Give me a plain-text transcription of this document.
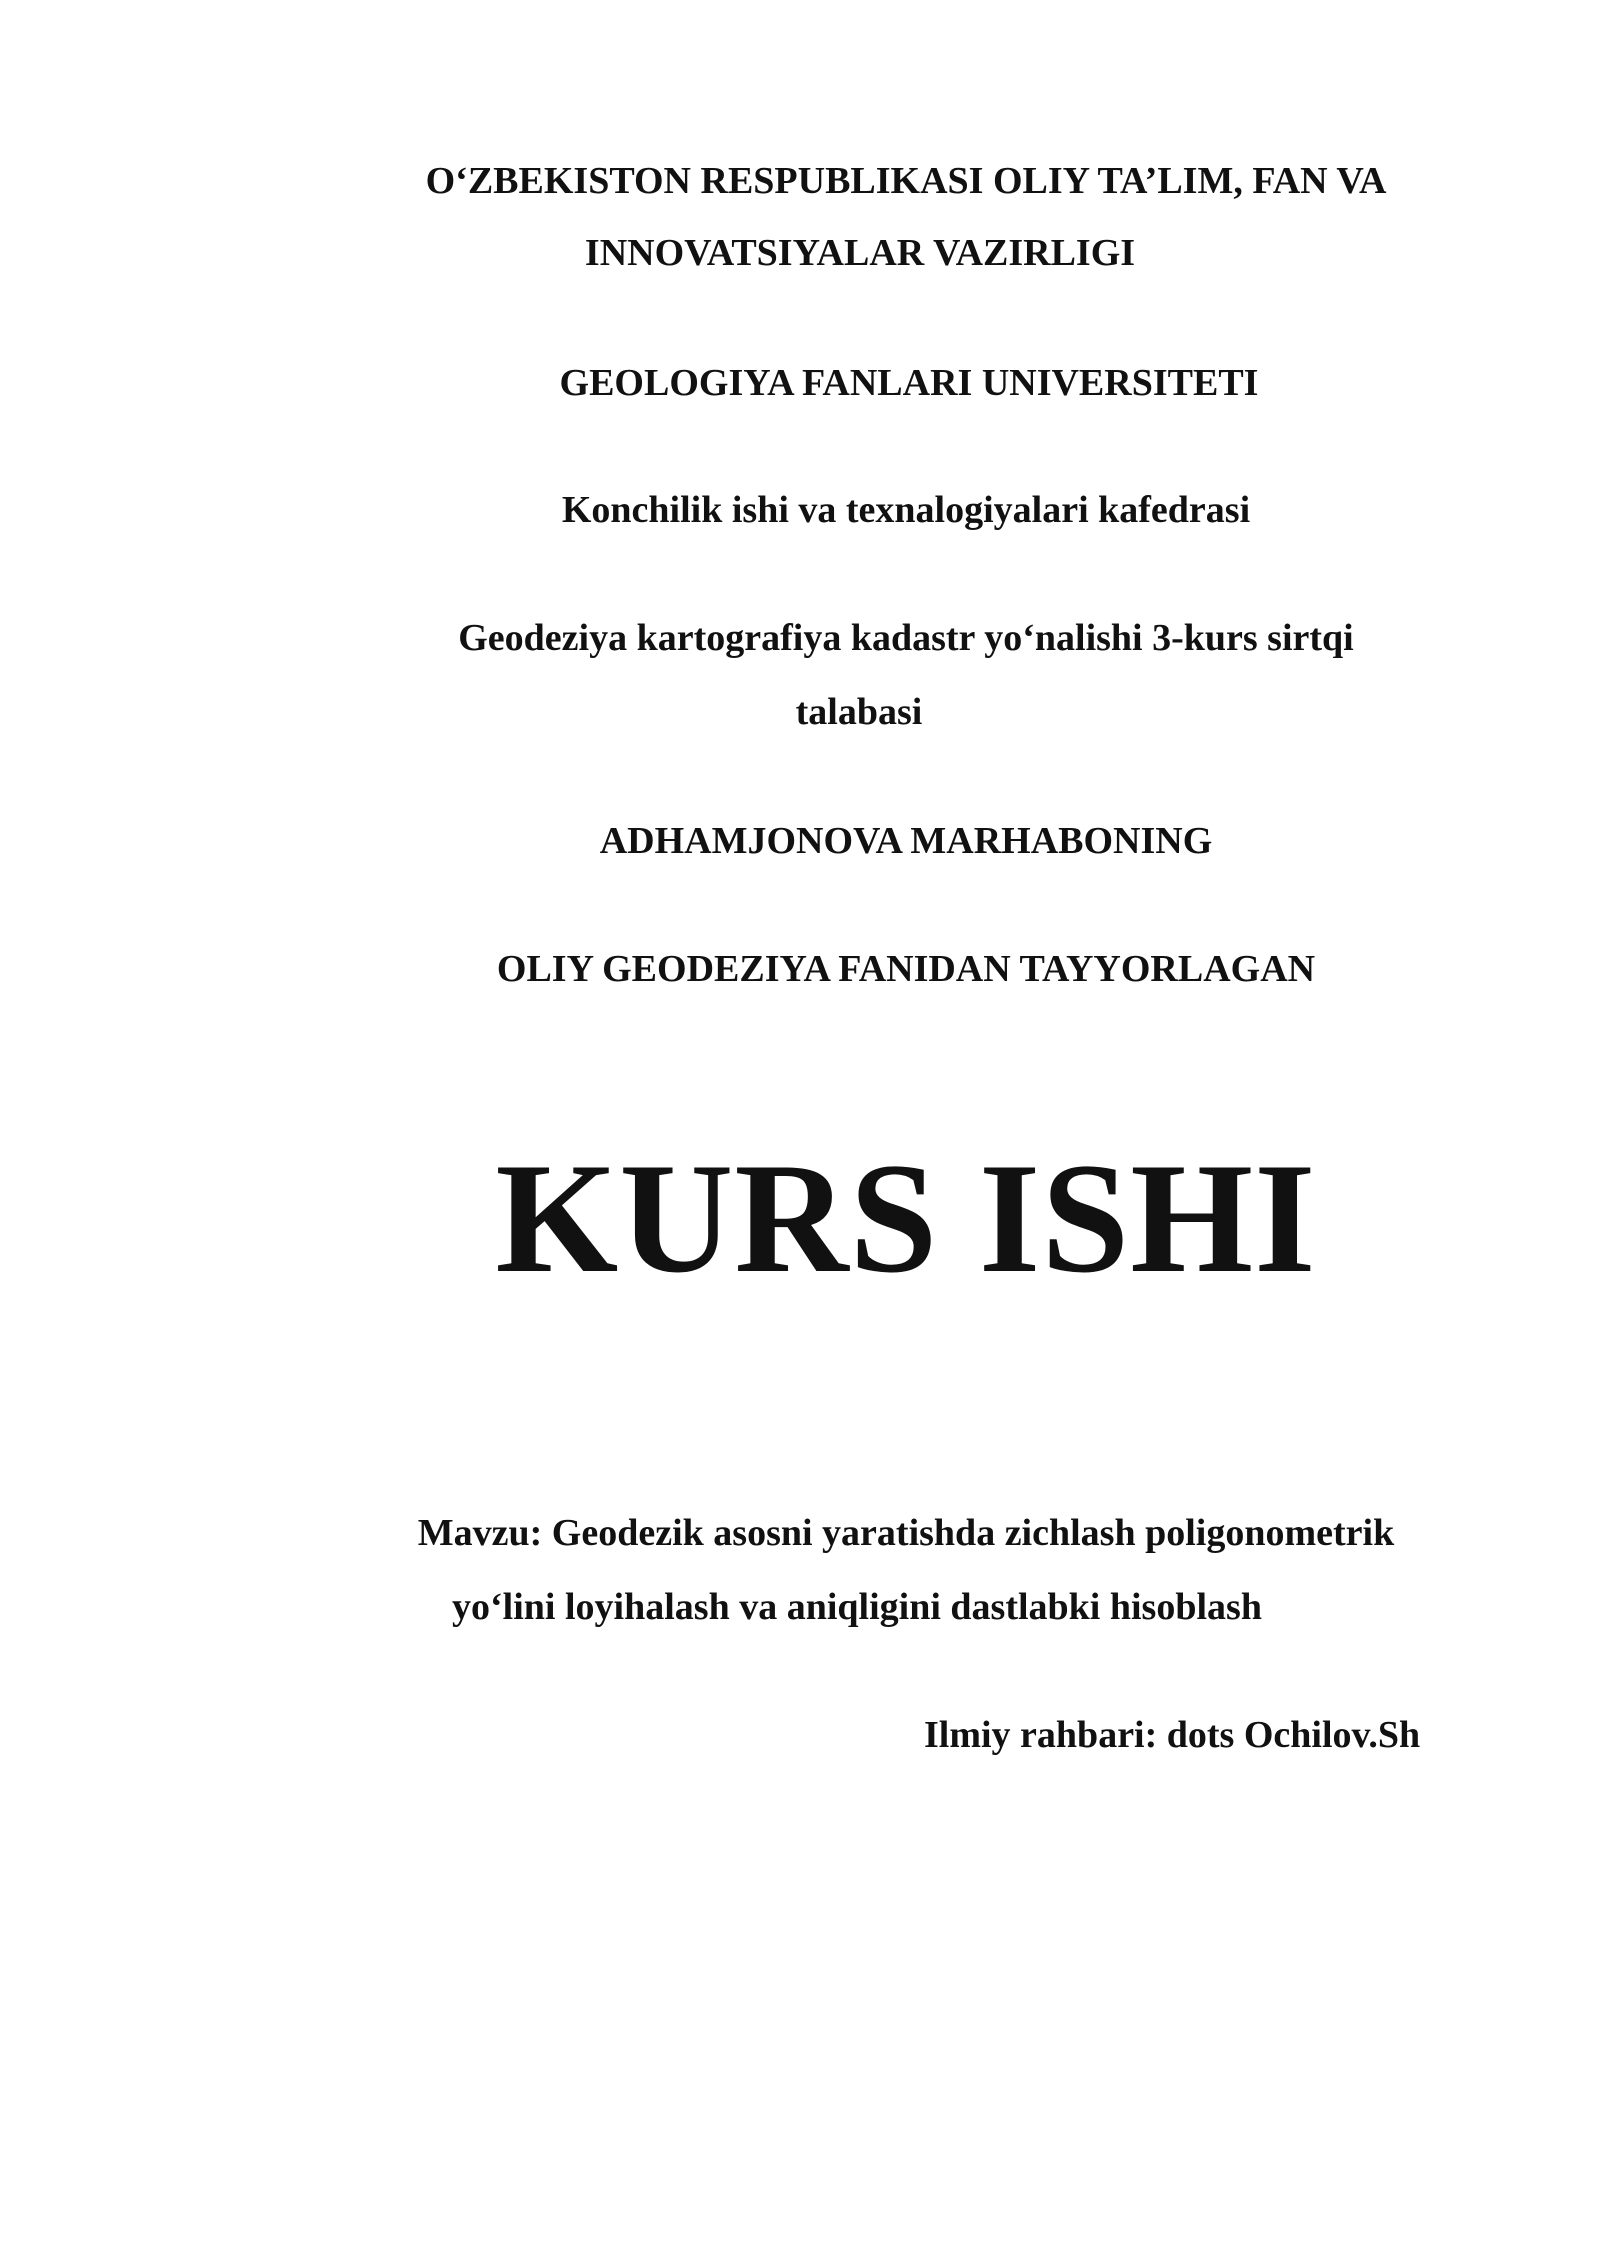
O‘ZBEKISTON RESPUBLIKASI OLIY TA’LIM, FAN VA
INNOVATSIYALAR VAZIRLIGI
GEOLOGIYA FANLARI UNIVERSITETI
Konchilik ishi va texnalogiyalari kafedrasi
Geodeziya kartografiya kadastr yo‘nalishi 3-kurs sirtqi
talabasi
ADHAMJONOVA MARHABONING
OLIY GEODEZIYA FANIDAN TAYYORLAGAN
KURS ISHI
Mavzu: Geodezik asosni yaratishda zichlash poligonometrik
yo‘lini loyihalash va aniqligini dastlabki hisoblash
Ilmiy rahbari: dots Ochilov.Sh
